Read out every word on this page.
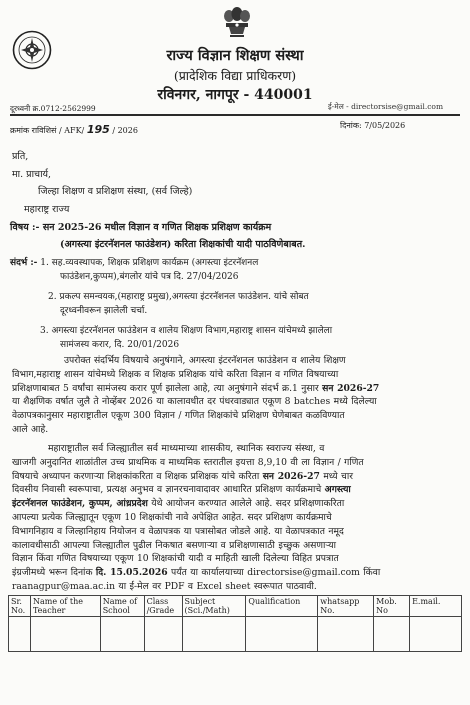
राज्य विज्ञान शिक्षण संस्था
(प्रादेशिक विद्या प्राधिकरण)
रविनगर, नागपूर - 440001
दूरध्वनी क्र.0712-2562999	ई-मेल - directorsise@gmail.com
क्रमांक राविशिसं / AFK/ 195 / 2026
दिनांक: 7/05/2026
प्रति,
मा. प्राचार्य,
जिल्हा शिक्षण व प्रशिक्षण संस्था, (सर्व जिल्हे)
महाराष्ट्र राज्य
विषय :- सन 2025-26 मधील विज्ञान व गणित शिक्षक प्रशिक्षण कार्यक्रम
(अगस्त्या इंटरनॅशनल फाउंडेशन) करिता शिक्षकांची यादी पाठविणेबाबत.
संदर्भ :- 1. सह.व्यवस्थापक, शिक्षक प्रशिक्षण कार्यक्रम (अगस्त्या इंटरनॅशनल
फाउंडेशन,कुप्पम),बंगलोर यांचे पत्र दि. 27/04/2026
2. प्रकल्प समन्वयक,(महाराष्ट्र प्रमुख),अगस्त्या इंटरनॅशनल फाउंडेशन. यांचे सोबत
दूरध्वनीवरून झालेली चर्चा.
3. अगस्त्या इंटरनॅशनल फाउंडेशन व शालेय शिक्षण विभाग,महाराष्ट्र शासन यांचेमध्ये झालेला
सामंजस्य करार, दि. 20/01/2026
उपरोक्त संदर्भिय विषयाचे अनुषंगाने, अगस्त्या इंटरनॅशनल फाउंडेशन व शालेय शिक्षण
विभाग,महाराष्ट्र शासन यांचेमध्ये शिक्षक व शिक्षक प्रशिक्षक यांचे करिता विज्ञान व गणित विषयाच्या
प्रशिक्षणाबाबत 5 वर्षांचा सामंजस्य करार पूर्ण झालेला आहे, त्या अनुषंगाने संदर्भ क्र.1 नुसार सन 2026-27
या शैक्षणिक वर्षात जुलै ते नोव्हेंबर 2026 या कालावधीत दर पंधरवाड्यात एकूण 8 batches मध्ये दिलेल्या
वेळापत्रकानुसार महाराष्ट्रातील एकूण 300 विज्ञान / गणित शिक्षकांचे प्रशिक्षण घेणेबाबत कळविण्यात
आले आहे.
महाराष्ट्रातील सर्व जिल्ह्यातील सर्व माध्यमाच्या शासकीय, स्थानिक स्वराज्य संस्था, व
खाजगी अनुदानित शाळांतील उच्च प्राथमिक व माध्यमिक स्तरातील इयत्ता 8,9,10 वी ला विज्ञान / गणित
विषयाचे अध्यापन करणाऱ्या शिक्षकांकरिता व शिक्षक प्रशिक्षक यांचे करिता सन 2026-27 मध्ये चार
दिवसीय निवासी स्वरूपाचा, प्रत्यक्ष अनुभव व ज्ञानरचनावादावर आधारित प्रशिक्षण कार्यक्रमाचे अगस्त्या
इंटरनॅशनल फाउंडेशन, कुप्पम, आंध्रप्रदेश येथे आयोजन करण्यात आलेले आहे. सदर प्रशिक्षणाकरिता
आपल्या प्रत्येक जिल्ह्यातून एकूण 10 शिक्षकांची नावे अपेक्षित आहेत. सदर प्रशिक्षण कार्यक्रमाचे
विभागनिहाय व जिल्हानिहाय नियोजन व वेळापत्रक या पत्रासोबत जोडले आहे. या वेळापत्रकात नमूद
कालावधीसाठी आपल्या जिल्ह्यातील पुढील निकषात बसणाऱ्या व प्रशिक्षणासाठी इच्छुक असणाऱ्या
विज्ञान किंवा गणित विषयाच्या एकूण 10 शिक्षकांची यादी व माहिती खाली दिलेल्या विहित प्रपत्रात
इंग्रजीमध्ये भरून दिनांक दि. 15.05.2026 पर्यंत या कार्यालयाच्या directorsise@gmail.com किंवा
raanagpur@maa.ac.in या ई-मेल वर PDF व Excel sheet स्वरूपात पाठवावी.
Sr. No.	Name of the Teacher	Name of School	Class /Grade	Subject (Sci./Math)	Qualification	whatsapp No.	Mob. No	E.mail.
